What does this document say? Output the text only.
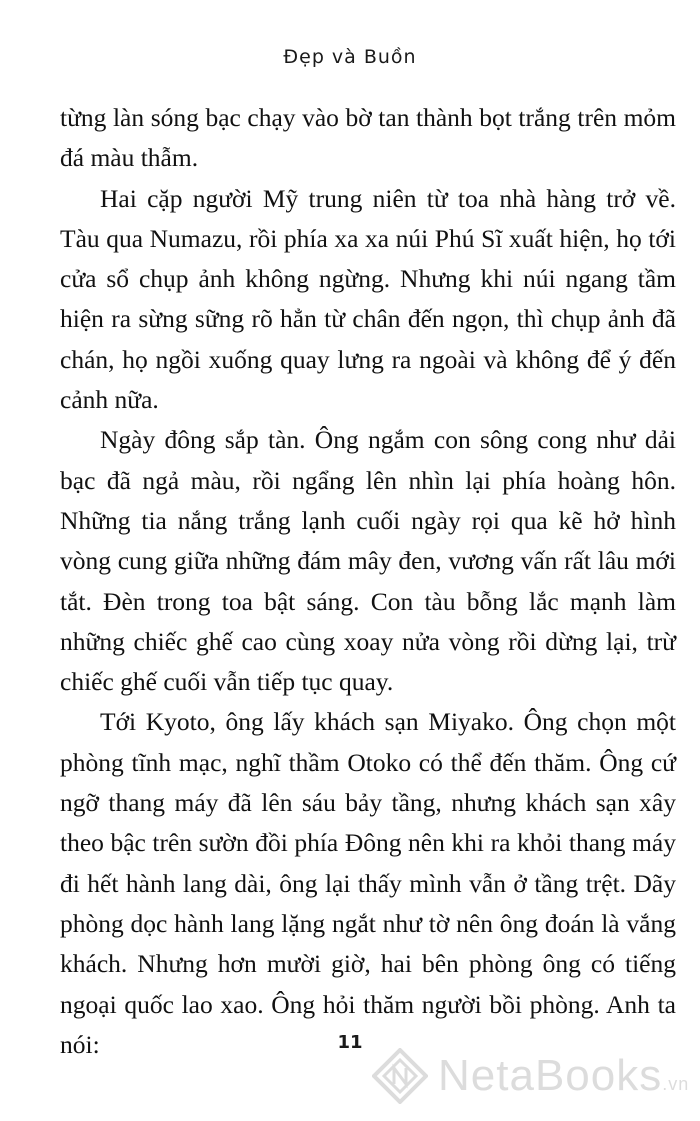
Đẹp và Buồn

từng làn sóng bạc chạy vào bờ tan thành bọt trắng trên mỏm đá màu thẫm.

Hai cặp người Mỹ trung niên từ toa nhà hàng trở về. Tàu qua Numazu, rồi phía xa xa núi Phú Sĩ xuất hiện, họ tới cửa sổ chụp ảnh không ngừng. Nhưng khi núi ngang tầm hiện ra sừng sững rõ hẳn từ chân đến ngọn, thì chụp ảnh đã chán, họ ngồi xuống quay lưng ra ngoài và không để ý đến cảnh nữa.

Ngày đông sắp tàn. Ông ngắm con sông cong như dải bạc đã ngả màu, rồi ngẩng lên nhìn lại phía hoàng hôn. Những tia nắng trắng lạnh cuối ngày rọi qua kẽ hở hình vòng cung giữa những đám mây đen, vương vấn rất lâu mới tắt. Đèn trong toa bật sáng. Con tàu bỗng lắc mạnh làm những chiếc ghế cao cùng xoay nửa vòng rồi dừng lại, trừ chiếc ghế cuối vẫn tiếp tục quay.

Tới Kyoto, ông lấy khách sạn Miyako. Ông chọn một phòng tĩnh mạc, nghĩ thầm Otoko có thể đến thăm. Ông cứ ngỡ thang máy đã lên sáu bảy tầng, nhưng khách sạn xây theo bậc trên sườn đồi phía Đông nên khi ra khỏi thang máy đi hết hành lang dài, ông lại thấy mình vẫn ở tầng trệt. Dãy phòng dọc hành lang lặng ngắt như tờ nên ông đoán là vắng khách. Nhưng hơn mười giờ, hai bên phòng ông có tiếng ngoại quốc lao xao. Ông hỏi thăm người bồi phòng. Anh ta nói:	11
NetaBooks.vn
